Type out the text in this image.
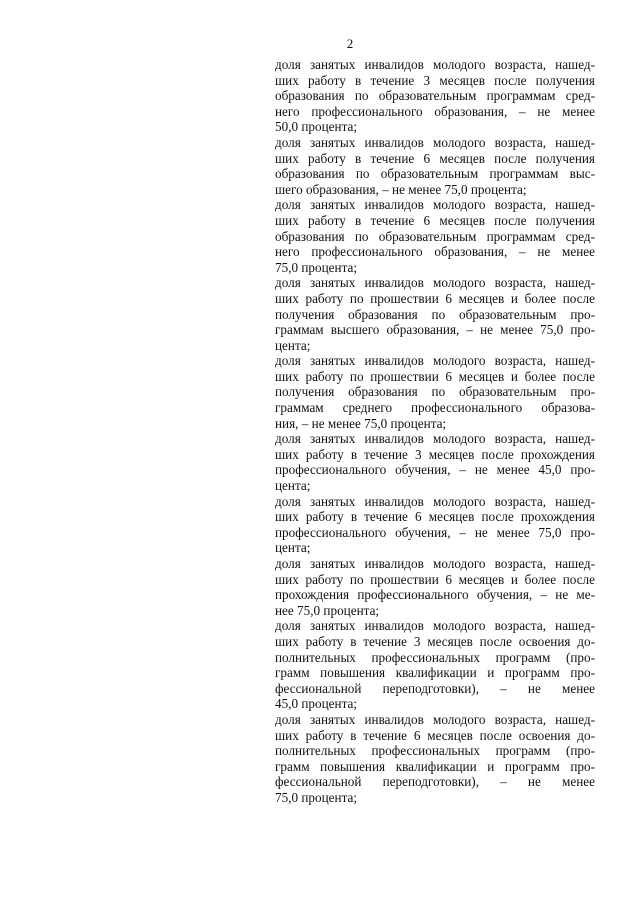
2
доля занятых инвалидов молодого возраста, нашед-
ших работу в течение 3 месяцев после получения
образования по образовательным программам сред-
него профессионального образования, – не менее
50,0 процента;
доля занятых инвалидов молодого возраста, нашед-
ших работу в течение 6 месяцев после получения
образования по образовательным программам выс-
шего образования, – не менее 75,0 процента;
доля занятых инвалидов молодого возраста, нашед-
ших работу в течение 6 месяцев после получения
образования по образовательным программам сред-
него профессионального образования, – не менее
75,0 процента;
доля занятых инвалидов молодого возраста, нашед-
ших работу по прошествии 6 месяцев и более после
получения образования по образовательным про-
граммам высшего образования, – не менее 75,0 про-
цента;
доля занятых инвалидов молодого возраста, нашед-
ших работу по прошествии 6 месяцев и более после
получения образования по образовательным про-
граммам среднего профессионального образова-
ния, – не менее 75,0 процента;
доля занятых инвалидов молодого возраста, нашед-
ших работу в течение 3 месяцев после прохождения
профессионального обучения, – не менее 45,0 про-
цента;
доля занятых инвалидов молодого возраста, нашед-
ших работу в течение 6 месяцев после прохождения
профессионального обучения, – не менее 75,0 про-
цента;
доля занятых инвалидов молодого возраста, нашед-
ших работу по прошествии 6 месяцев и более после
прохождения профессионального обучения, – не ме-
нее 75,0 процента;
доля занятых инвалидов молодого возраста, нашед-
ших работу в течение 3 месяцев после освоения до-
полнительных профессиональных программ (про-
грамм повышения квалификации и программ про-
фессиональной переподготовки), – не менее
45,0 процента;
доля занятых инвалидов молодого возраста, нашед-
ших работу в течение 6 месяцев после освоения до-
полнительных профессиональных программ (про-
грамм повышения квалификации и программ про-
фессиональной переподготовки), – не менее
75,0 процента;
